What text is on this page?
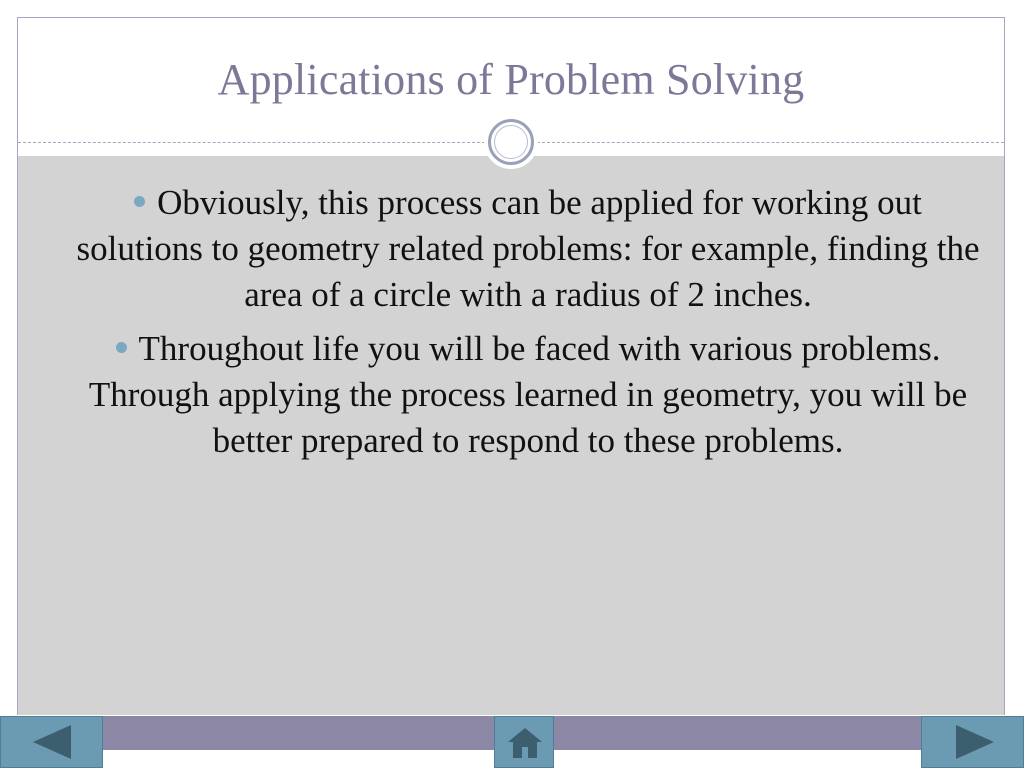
Applications of Problem Solving
Obviously, this process can be applied for working out solutions to geometry related problems: for example, finding the area of a circle with a radius of 2 inches.
Throughout life you will be faced with various problems. Through applying the process learned in geometry, you will be better prepared to respond to these problems.
